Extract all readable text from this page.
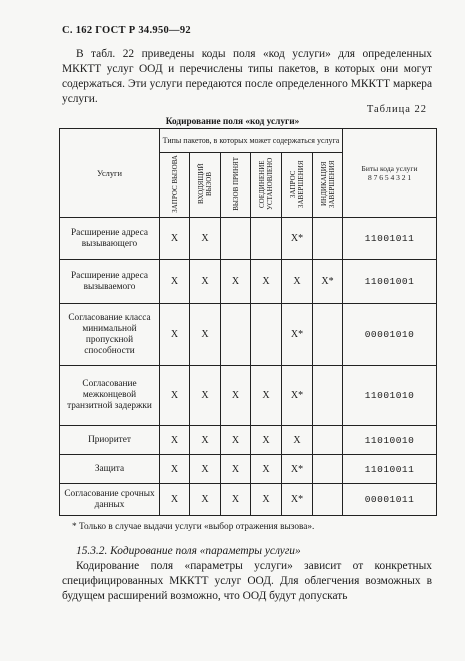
С. 162 ГОСТ Р 34.950—92

В табл. 22 приведены коды поля «код услуги» для определенных МККТТ услуг ООД и перечислены типы пакетов, в которых они могут содержаться. Эти услуги передаются после определенного МККТТ маркера услуги.

Таблица 22
Кодирование поля «код услуги»
Услуги	Типы пакетов, в которых может содержаться услуга						Биты кода услуги
8 7 6 5 4 3 2 1

	ЗАПРОС ВЫЗОВА	ВХОДЯЩИЙ ВЫЗОВ	ВЫЗОВ ПРИНЯТ	СОЕДИНЕНИЕ УСТАНОВЛЕНО	ЗАПРОС ЗАВЕРШЕНИЯ	ИНДИКАЦИЯ ЗАВЕРШЕНИЯ	
Расширение адреса вызывающего	X	X			X*		11001011
Расширение адреса вызываемого	X	X	X	X	X	X*	11001001
Согласование класса минимальной пропускной способности	X	X			X*		00001010
Согласование межконцевой транзитной задержки	X	X	X	X	X*		11001010
Приоритет	X	X	X	X	X		11010010
Защита	X	X	X	X	X*		11010011
Согласование срочных данных	X	X	X	X	X*		00001011
* Только в случае выдачи услуги «выбор отражения вызова».

15.3.2. Кодирование поля «параметры услуги»

Кодирование поля «параметры услуги» зависит от конкретных специфицированных МККТТ услуг ООД. Для облегчения возможных в будущем расширений возможно, что ООД будут допускать
